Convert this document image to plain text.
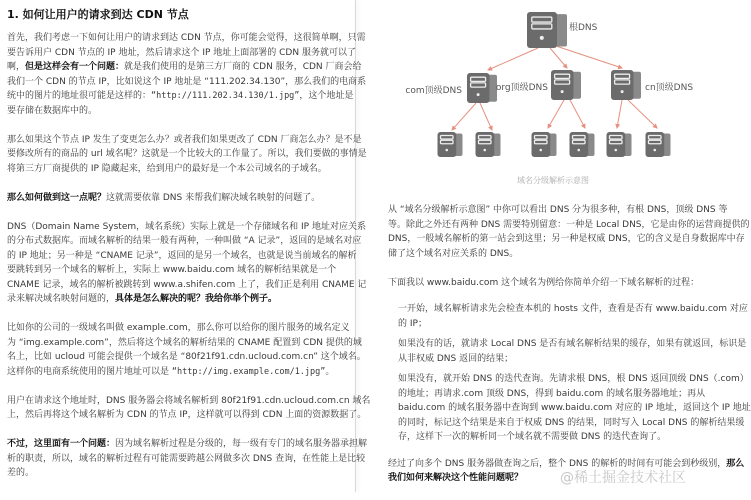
1. 如何让用户的请求到达 CDN 节点
首先，我们考虑一下如何让用户的请求到达 CDN 节点，你可能会觉得，这很简单啊，只需
要告诉用户 CDN 节点的 IP 地址，然后请求这个 IP 地址上面部署的 CDN 服务就可以了
啊，但是这样会有一个问题：就是我们使用的是第三方厂商的 CDN 服务，CDN 厂商会给
我们一个 CDN 的节点 IP，比如说这个 IP 地址是 “111.202.34.130”，那么我们的电商系
统中的图片的地址很可能是这样的：“http://111.202.34.130/1.jpg”，这个地址是
要存储在数据库中的。
那么如果这个节点 IP 发生了变更怎么办？或者我们如果更改了 CDN 厂商怎么办？是不是
要修改所有的商品的 url 域名呢？这就是一个比较大的工作量了。所以，我们要做的事情是
将第三方厂商提供的 IP 隐藏起来，给到用户的最好是一个本公司域名的子域名。
那么如何做到这一点呢？这就需要依靠 DNS 来帮我们解决域名映射的问题了。
DNS（Domain Name System，域名系统）实际上就是一个存储域名和 IP 地址对应关系
的分布式数据库。而域名解析的结果一般有两种，一种叫做 “A 记录”，返回的是域名对应
的 IP 地址；另一种是 “CNAME 记录”，返回的是另一个域名，也就是说当前域名的解析
要跳转到另一个域名的解析上，实际上 www.baidu.com 域名的解析结果就是一个
CNAME 记录，域名的解析被跳转到 www.a.shifen.com 上了，我们正是利用 CNAME 记
录来解决域名映射问题的，具体是怎么解决的呢？我给你举个例子。
比如你的公司的一级域名叫做 example.com，那么你可以给你的图片服务的域名定义
为 “img.example.com”，然后将这个域名的解析结果的 CNAME 配置到 CDN 提供的域
名上，比如 ucloud 可能会提供一个域名是 “80f21f91.cdn.ucloud.com.cn” 这个域名。
这样你的电商系统使用的图片地址可以是 “http://img.example.com/1.jpg”。
用户在请求这个地址时，DNS 服务器会将域名解析到 80f21f91.cdn.ucloud.com.cn 域名
上，然后再将这个域名解析为 CDN 的节点 IP，这样就可以得到 CDN 上面的资源数据了。
不过，这里面有一个问题：因为域名解析过程是分级的，每一级有专门的域名服务器承担解
析的职责，所以，域名的解析过程有可能需要跨越公网做多次 DNS 查询，在性能上是比较
差的。
根DNS
com顶级DNS	org顶级DNS	cn顶级DNS
域名分级解析示意图
从 “域名分级解析示意图” 中你可以看出 DNS 分为很多种，有根 DNS，顶级 DNS 等
等。除此之外还有两种 DNS 需要特别留意：一种是 Local DNS，它是由你的运营商提供的
DNS，一般域名解析的第一站会到这里；另一种是权威 DNS，它的含义是自身数据库中存
储了这个域名对应关系的 DNS。
下面我以 www.baidu.com 这个域名为例给你简单介绍一下域名解析的过程：
一开始，域名解析请求先会检查本机的 hosts 文件，查看是否有 www.baidu.com 对应
的 IP；
如果没有的话，就请求 Local DNS 是否有域名解析结果的缓存，如果有就返回，标识是
从非权威 DNS 返回的结果；
如果没有，就开始 DNS 的迭代查询。先请求根 DNS，根 DNS 返回顶级 DNS（.com）
的地址；再请求.com 顶级 DNS，得到 baidu.com 的域名服务器地址；再从
baidu.com 的域名服务器中查询到 www.baidu.com 对应的 IP 地址，返回这个 IP 地址
的同时，标记这个结果是来自于权威 DNS 的结果，同时写入 Local DNS 的解析结果缓
存，这样下一次的解析同一个域名就不需要做 DNS 的迭代查询了。
经过了向多个 DNS 服务器做查询之后，整个 DNS 的解析的时间有可能会到秒级别，那么
我们如何来解决这个性能问题呢？	@稀土掘金技术社区
